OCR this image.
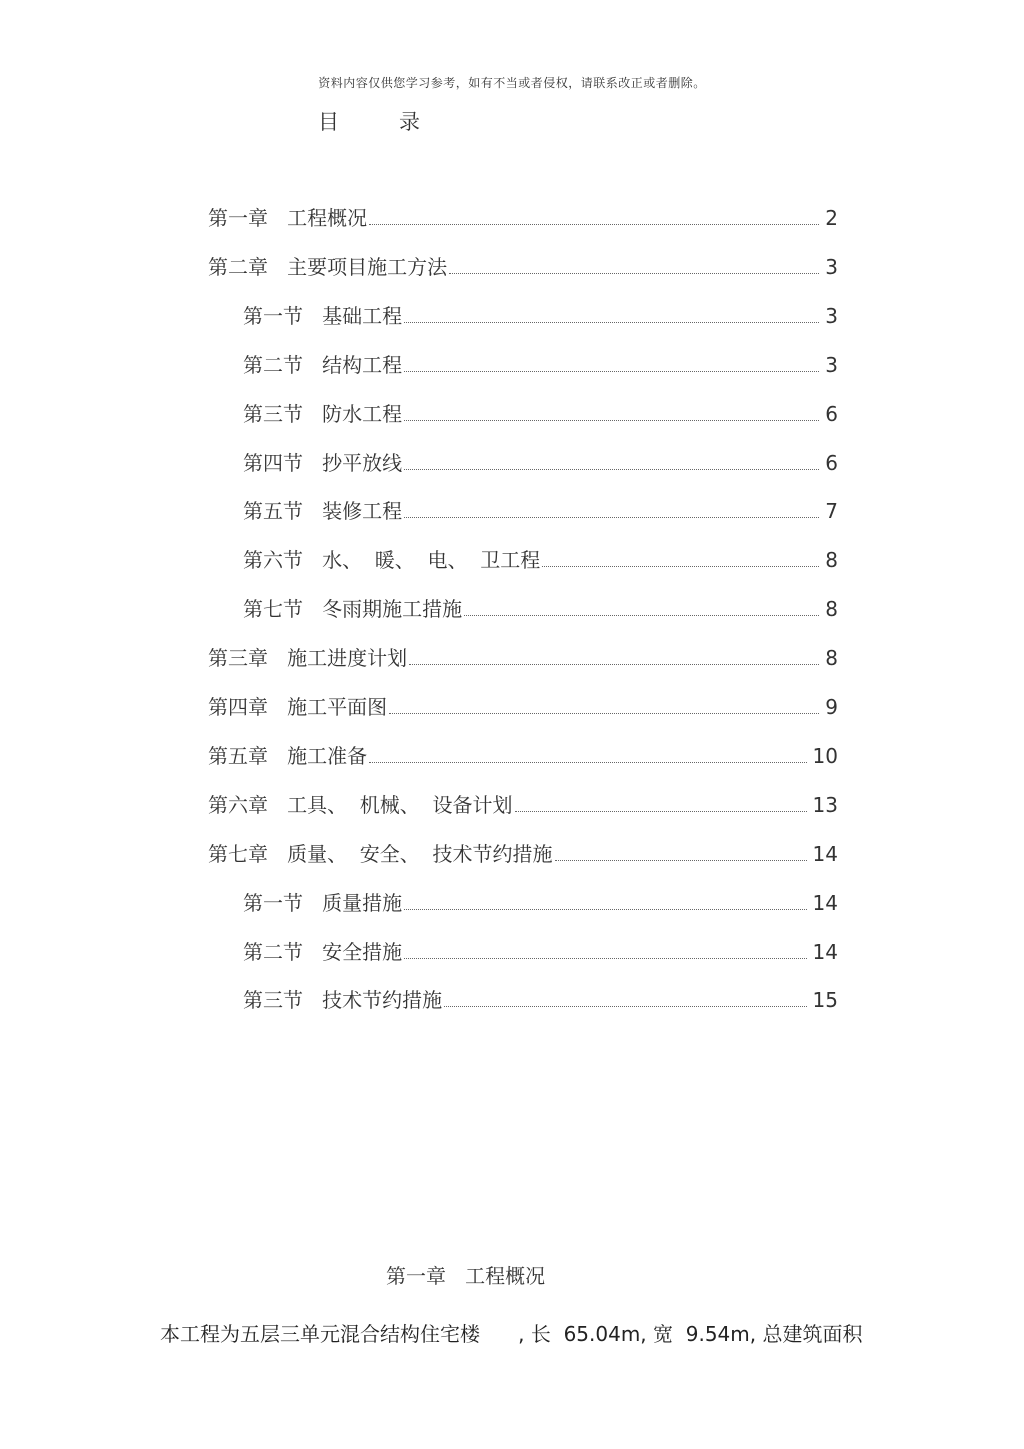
资料内容仅供您学习参考，如有不当或者侵权，请联系改正或者删除。
目录
第一章   工程概况	2
第二章   主要项目施工方法	3
第一节   基础工程	3
第二节   结构工程	3
第三节   防水工程	6
第四节   抄平放线	6
第五节   装修工程	7
第六节   水、  暖、  电、  卫工程	8
第七节   冬雨期施工措施	8
第三章   施工进度计划	8
第四章   施工平面图	9
第五章   施工准备	10
第六章   工具、  机械、  设备计划	13
第七章   质量、  安全、  技术节约措施	14
第一节   质量措施	14
第二节   安全措施	14
第三节   技术节约措施	15
第一章   工程概况
本工程为五层三单元混合结构住宅楼      , 长  65.04m, 宽  9.54m, 总建筑面积
